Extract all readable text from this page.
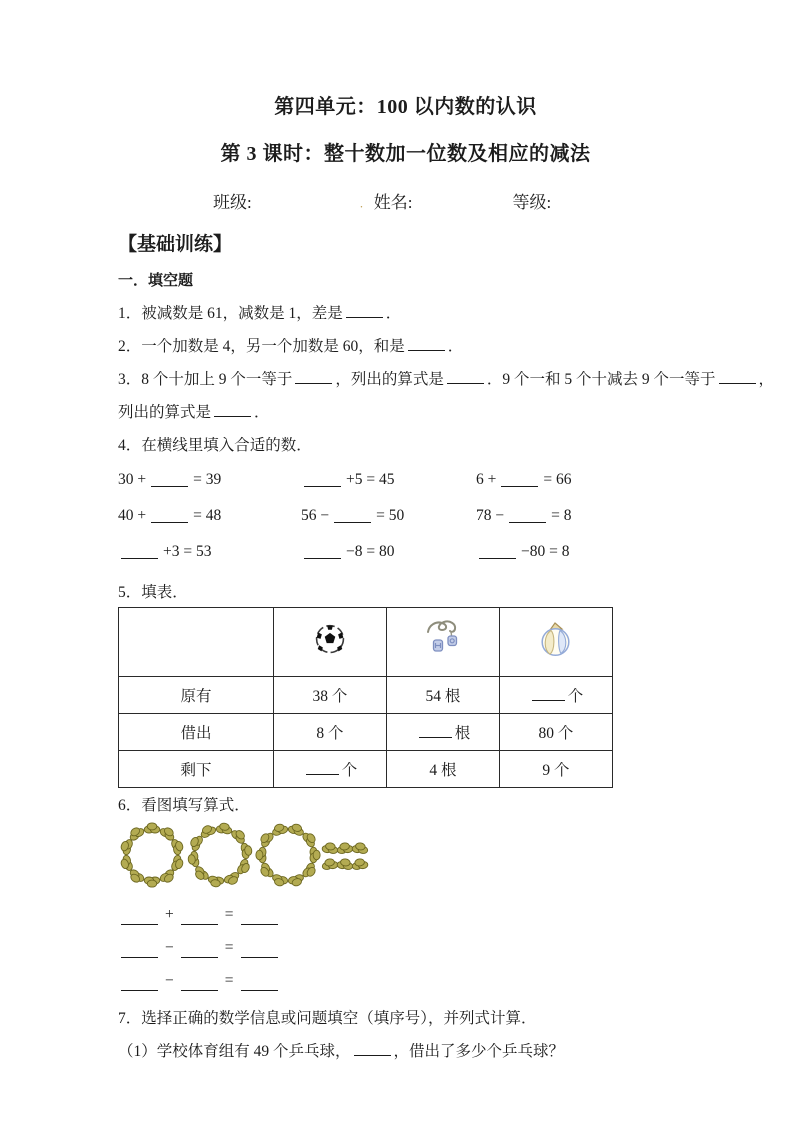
第四单元：100 以内数的认识
第 3 课时：整十数加一位数及相应的减法
班级:	． 姓名:	等级:
【基础训练】
一．填空题
1．被减数是 61，减数是 1，差是	．
2．一个加数是 4，另一个加数是 60，和是	．
3．8 个十加上 9 个一等于	，列出的算式是	．9 个一和 5 个十减去 9 个一等于	，
列出的算式是	．
4．在横线里填入合适的数．
30 +	= 39	+5 = 45	6 +	= 66
40 +	= 48	56 −	= 50	78 −	= 8
+3 = 53	−8 = 80	−80 = 8
5．填表．

原有	38 个	54 根	个
借出	8 个	根	80 个
剩下	个	4 根	9 个
6．看图填写算式．
+	=
−	=
−	=
7．选择正确的数学信息或问题填空（填序号），并列式计算．
（1）学校体育组有 49 个乒乓球，	，借出了多少个乒乓球？
